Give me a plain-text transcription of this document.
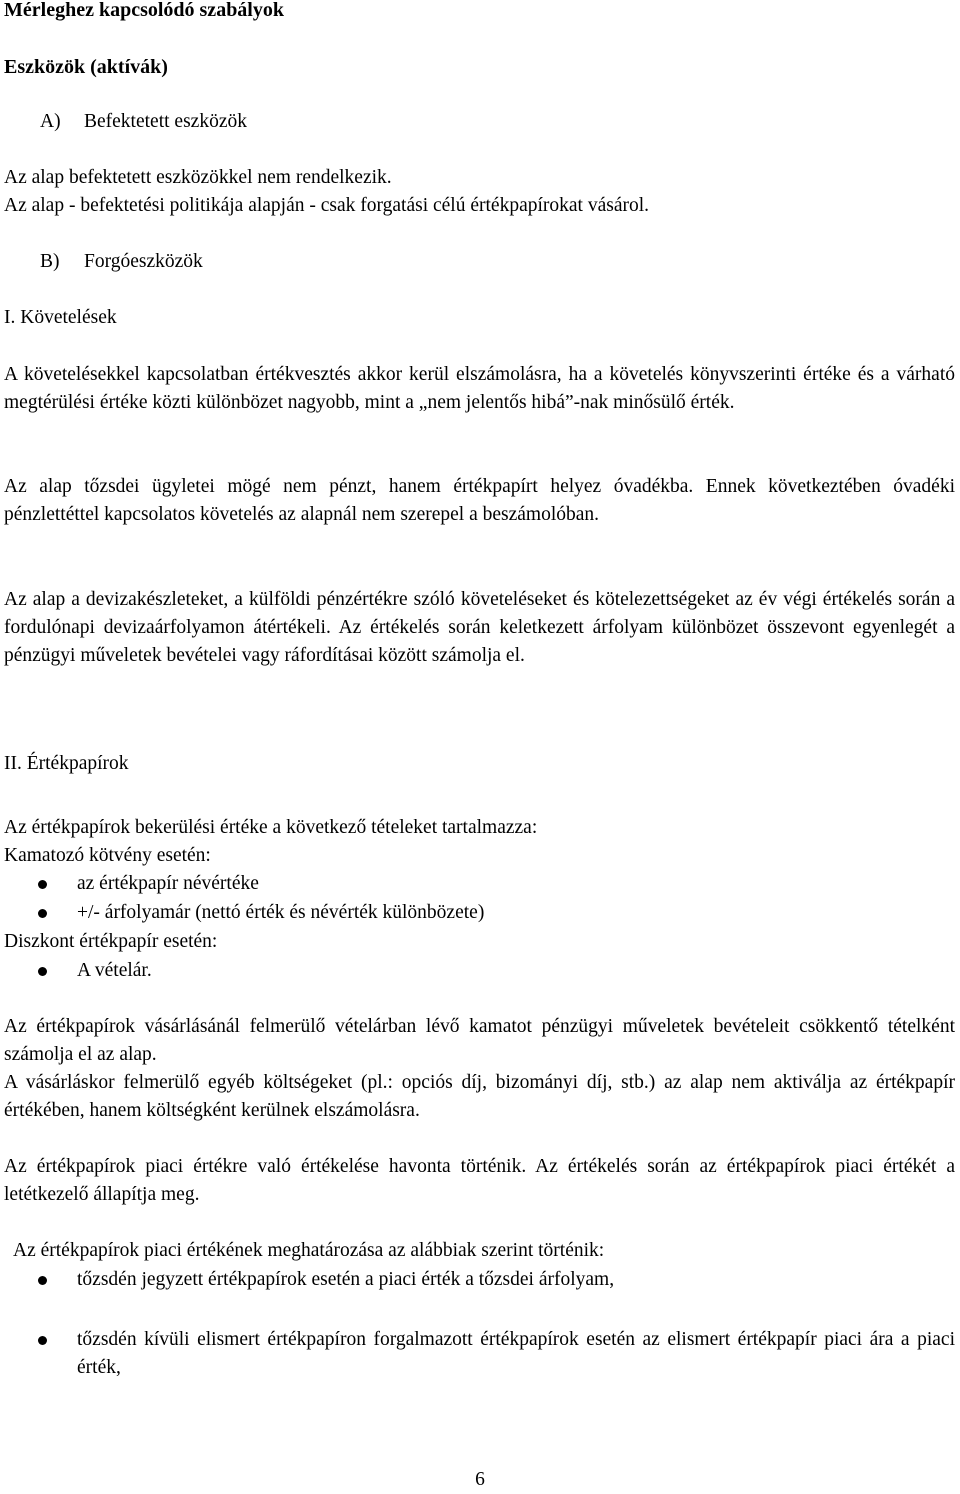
Mérleghez kapcsolódó szabályok
Eszközök (aktívák)
A) Befektetett eszközök
Az alap befektetett eszközökkel nem rendelkezik.
Az alap - befektetési politikája alapján - csak forgatási célú értékpapírokat vásárol.
B) Forgóeszközök
I. Követelések
A követelésekkel kapcsolatban értékvesztés akkor kerül elszámolásra, ha a követelés könyvszerinti értéke és a várható megtérülési értéke közti különbözet nagyobb, mint a „nem jelentős hibá”-nak minősülő érték.
Az alap tőzsdei ügyletei mögé nem pénzt, hanem értékpapírt helyez óvadékba. Ennek következtében óvadéki pénzlettéttel kapcsolatos követelés az alapnál nem szerepel a beszámolóban.
Az alap a devizakészleteket, a külföldi pénzértékre szóló követeléseket és kötelezettségeket az év végi értékelés során a fordulónapi devizaárfolyamon átértékeli. Az értékelés során keletkezett árfolyam különbözet összevont egyenlegét a pénzügyi műveletek bevételei vagy ráfordításai között számolja el.
II. Értékpapírok
Az értékpapírok bekerülési értéke a következő tételeket tartalmazza:
Kamatozó kötvény esetén:
az értékpapír névértéke
+/- árfolyamár (nettó érték és névérték különbözete)
Diszkont értékpapír esetén:
A vételár.
Az értékpapírok vásárlásánál felmerülő vételárban lévő kamatot pénzügyi műveletek bevételeit csökkentő tételként számolja el az alap.
A vásárláskor felmerülő egyéb költségeket (pl.: opciós díj, bizományi díj, stb.) az alap nem aktiválja az értékpapír értékében, hanem költségként kerülnek elszámolásra.
Az értékpapírok piaci értékre való értékelése havonta történik. Az értékelés során az értékpapírok piaci értékét a letétkezelő állapítja meg.
Az értékpapírok piaci értékének meghatározása az alábbiak szerint történik:
tőzsdén jegyzett értékpapírok esetén a piaci érték a tőzsdei árfolyam,
tőzsdén kívüli elismert értékpapíron forgalmazott értékpapírok esetén az elismert értékpapír piaci ára a piaci érték,
6
